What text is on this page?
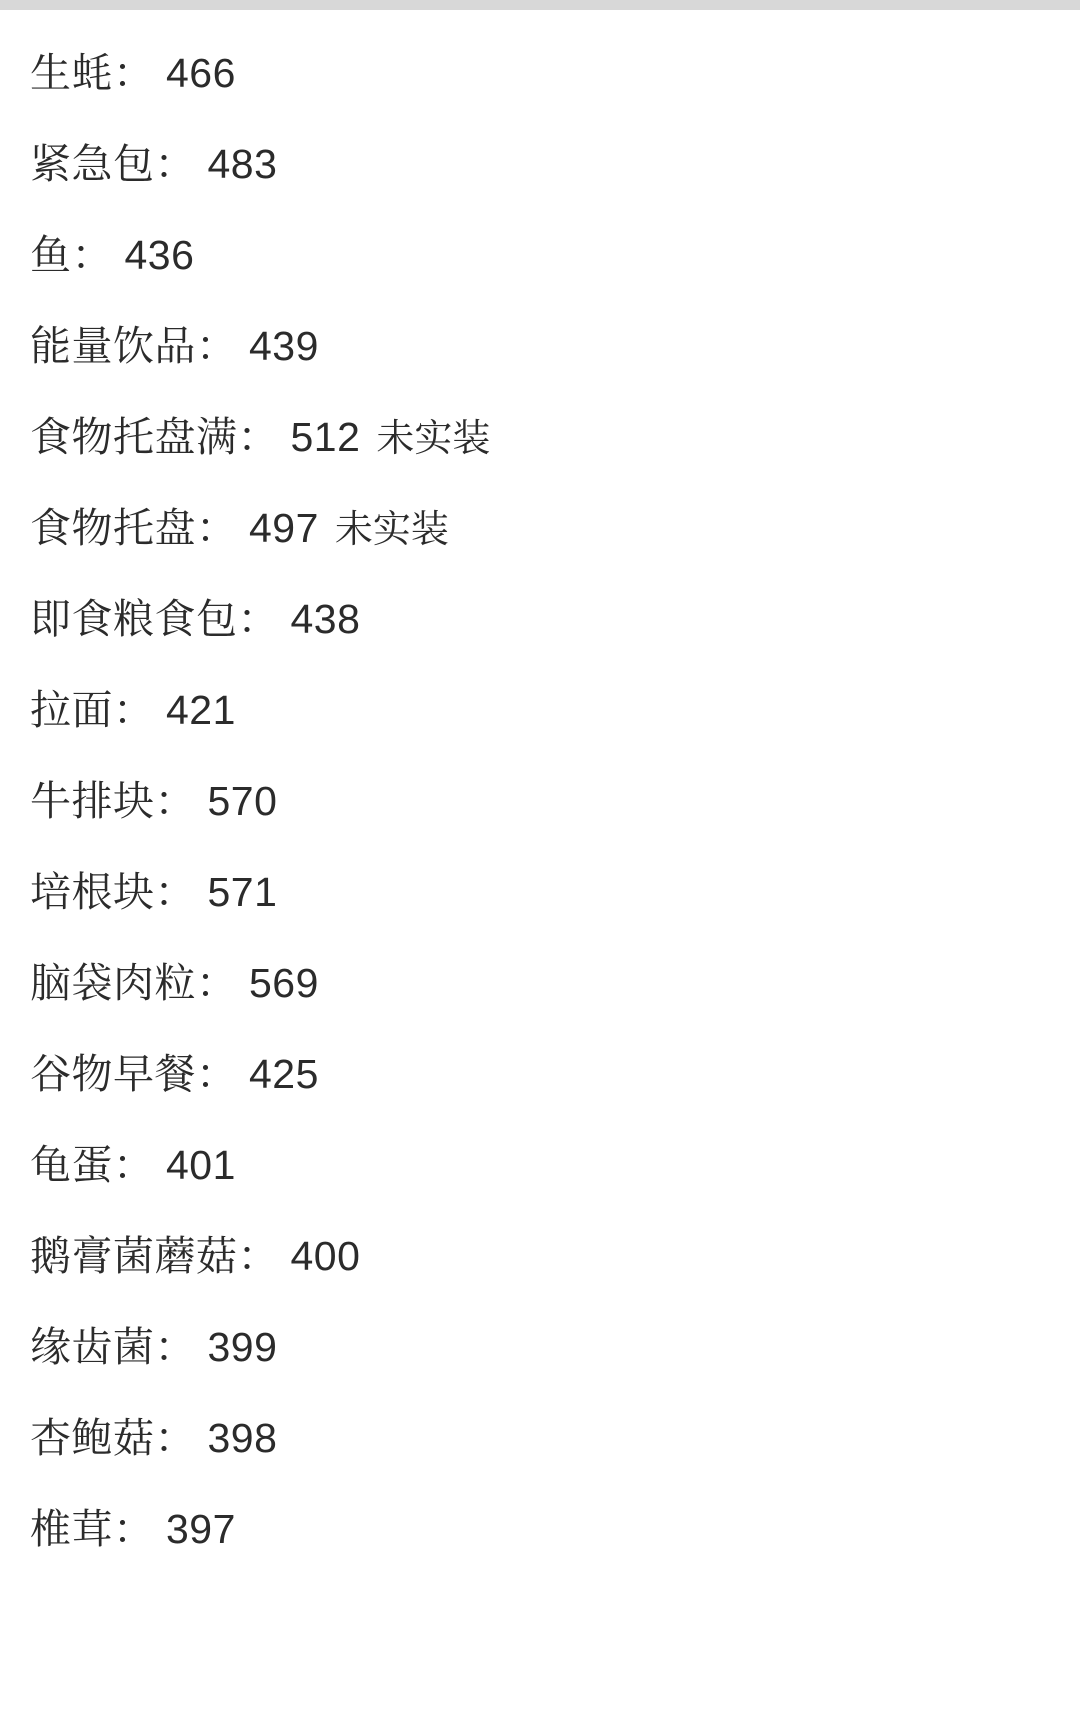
生蚝 ： 466
紧急包 ： 483
鱼 ： 436
能量饮品 ： 439
食物托盘满 ： 512 未实装
食物托盘 ： 497 未实装
即食粮食包 ： 438
拉面 ： 421
牛排块 ： 570
培根块 ： 571
脑袋肉粒 ： 569
谷物早餐 ： 425
龟蛋 ： 401
鹅膏菌蘑菇 ： 400
缘齿菌 ： 399
杏鲍菇 ： 398
椎茸 ： 397
